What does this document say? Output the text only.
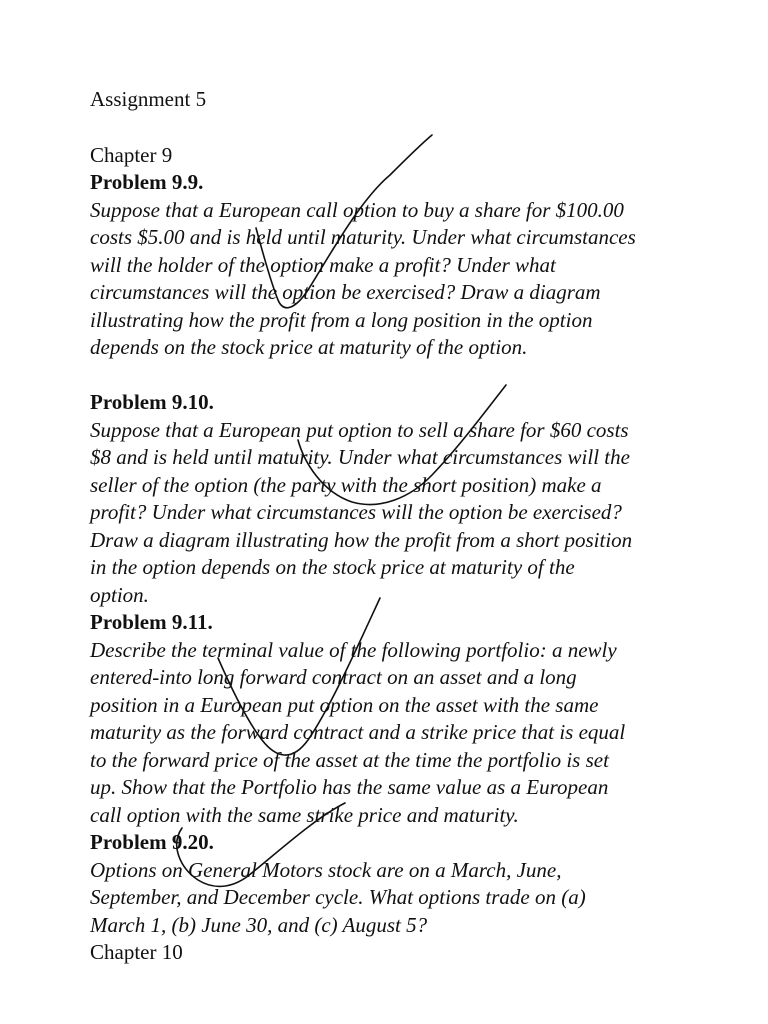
Assignment 5
Chapter 9
Problem 9.9.
Suppose that a European call option to buy a share for $100.00
costs $5.00 and is held until maturity. Under what circumstances
will the holder of the option make a profit? Under what
circumstances will the option be exercised? Draw a diagram
illustrating how the profit from a long position in the option
depends on the stock price at maturity of the option.
Problem 9.10.
Suppose that a European put option to sell a share for $60 costs
$8 and is held until maturity. Under what circumstances will the
seller of the option (the party with the short position) make a
profit? Under what circumstances will the option be exercised?
Draw a diagram illustrating how the profit from a short position
in the option depends on the stock price at maturity of the
option.
Problem 9.11.
Describe the terminal value of the following portfolio: a newly
entered-into long forward contract on an asset and a long
position in a European put option on the asset with the same
maturity as the forward contract and a strike price that is equal
to the forward price of the asset at the time the portfolio is set
up. Show that the Portfolio has the same value as a European
call option with the same strike price and maturity.
Problem 9.20.
Options on General Motors stock are on a March, June,
September, and December cycle. What options trade on (a)
March 1, (b) June 30, and (c) August 5?
Chapter 10
